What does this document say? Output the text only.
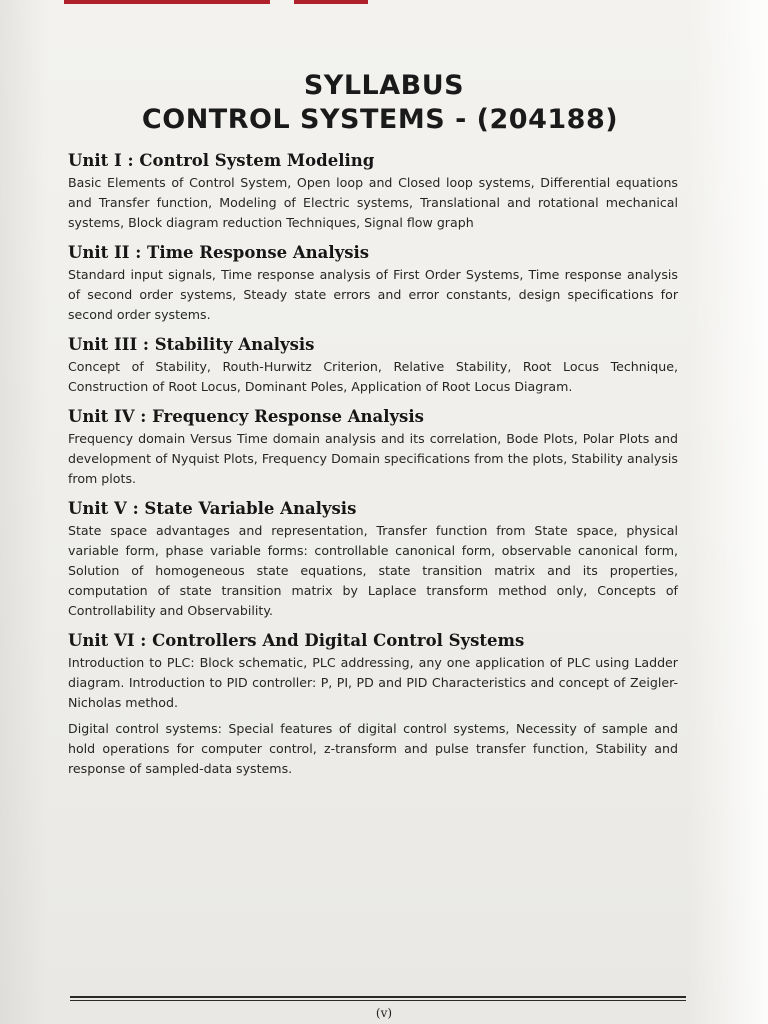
SYLLABUS
CONTROL SYSTEMS - (204188)
Unit I : Control System Modeling

Basic Elements of Control System, Open loop and Closed loop systems, Differential equations and Transfer function, Modeling of Electric systems, Translational and rotational mechanical systems, Block diagram reduction Techniques, Signal flow graph

Unit II : Time Response Analysis

Standard input signals, Time response analysis of First Order Systems, Time response analysis of second order systems, Steady state errors and error constants, design specifications for second order systems.

Unit III : Stability Analysis

Concept of Stability, Routh-Hurwitz Criterion, Relative Stability, Root Locus Technique, Construction of Root Locus, Dominant Poles, Application of Root Locus Diagram.

Unit IV : Frequency Response Analysis

Frequency domain Versus Time domain analysis and its correlation, Bode Plots, Polar Plots and development of Nyquist Plots, Frequency Domain specifications from the plots, Stability analysis from plots.

Unit V : State Variable Analysis

State space advantages and representation, Transfer function from State space, physical variable form, phase variable forms: controllable canonical form, observable canonical form, Solution of homogeneous state equations, state transition matrix and its properties, computation of state transition matrix by Laplace transform method only, Concepts of Controllability and Observability.

Unit VI : Controllers And Digital Control Systems

Introduction to PLC: Block schematic, PLC addressing, any one application of PLC using Ladder diagram. Introduction to PID controller: P, PI, PD and PID Characteristics and concept of Zeigler-Nicholas method.

Digital control systems: Special features of digital control systems, Necessity of sample and hold operations for computer control, z-transform and pulse transfer function, Stability and response of sampled-data systems.

(v)
